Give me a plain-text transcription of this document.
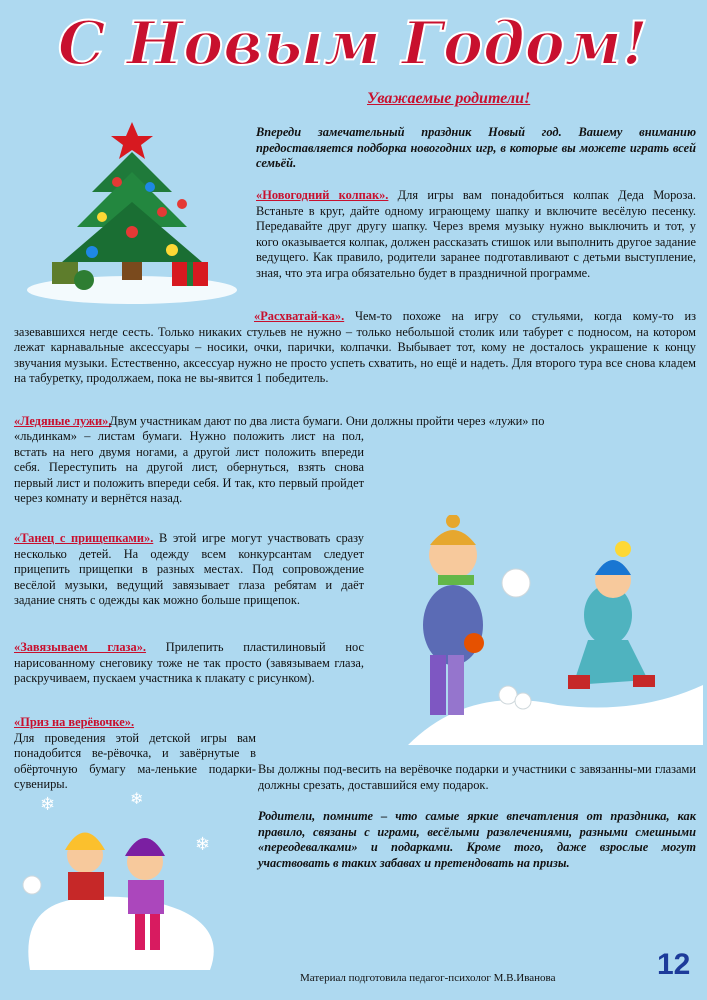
С Новым Годом!
Уважаемые родители!

Впереди замечательный праздник Новый год. Вашему вниманию предоставляется подборка новогодних игр, в которые вы можете играть всей семьёй.

«Новогодний колпак». Для игры вам понадобиться колпак Деда Мороза. Встаньте в круг, дайте одному играющему шапку и включите весёлую песенку. Передавайте друг другу шапку. Через время музыку нужно выключить и тот, у кого оказывается колпак, должен рассказать стишок или выполнить другое задание ведущего. Как правило, родители заранее подготавливают с детьми выступление, зная, что эта игра обязательно будет в праздничной программе.

«Расхватай-ка». Чем-то похоже на игру со стульями, когда кому-то из зазевавшихся негде сесть. Только никаких стульев не нужно – только небольшой столик или табурет с подносом, на котором лежат карнавальные аксессуары – носики, очки, парички, колпачки. Выбывает тот, кому не досталось украшение к концу звучания музыки. Естественно, аксессуар нужно не просто успеть схватить, но ещё и надеть. Для второго тура все снова кладем на табуретку, продолжаем, пока не вы-явится 1 победитель.

«Ледяные лужи».

Двум участникам дают по два листа бумаги. Они должны пройти через «лужи» по

«льдинкам» – листам бумаги. Нужно положить лист на пол, встать на него двумя ногами, а другой лист положить впереди себя. Переступить на другой лист, обернуться, взять снова первый лист и положить впереди себя. И так, кто первый пройдет через комнату и вернётся назад.

«Танец с прищепками». В этой игре могут участвовать сразу несколько детей. На одежду всем конкурсантам следует прицепить прищепки в разных местах. Под сопровождение весёлой музыки, ведущий завязывает глаза ребятам и даёт задание снять с одежды как можно больше прищепок.

«Завязываем глаза». Прилепить пластилиновый нос нарисованному снеговику тоже не так просто (завязываем глаза, раскручиваем, пускаем участника к плакату с рисунком).

«Приз на верёвочке».
Для проведения этой детской игры вам понадобится ве-рёвочка, и завёрнутые в обёрточную бумагу ма-ленькие подарки-сувениры.

Вы должны под-весить на верёвочке подарки и участники с завязанны-ми глазами должны срезать, доставшийся ему подарок.

Родители, помните – что самые яркие впечатления от праздника, как правило, связаны с играми, весёлыми развлечениями, разными смешными «переодевалками» и подарками. Кроме того, даже взрослые могут участвовать в таких забавах и претендовать на призы.

❄	❄
❄
Материал подготовила педагог-психолог М.В.Иванова	12
